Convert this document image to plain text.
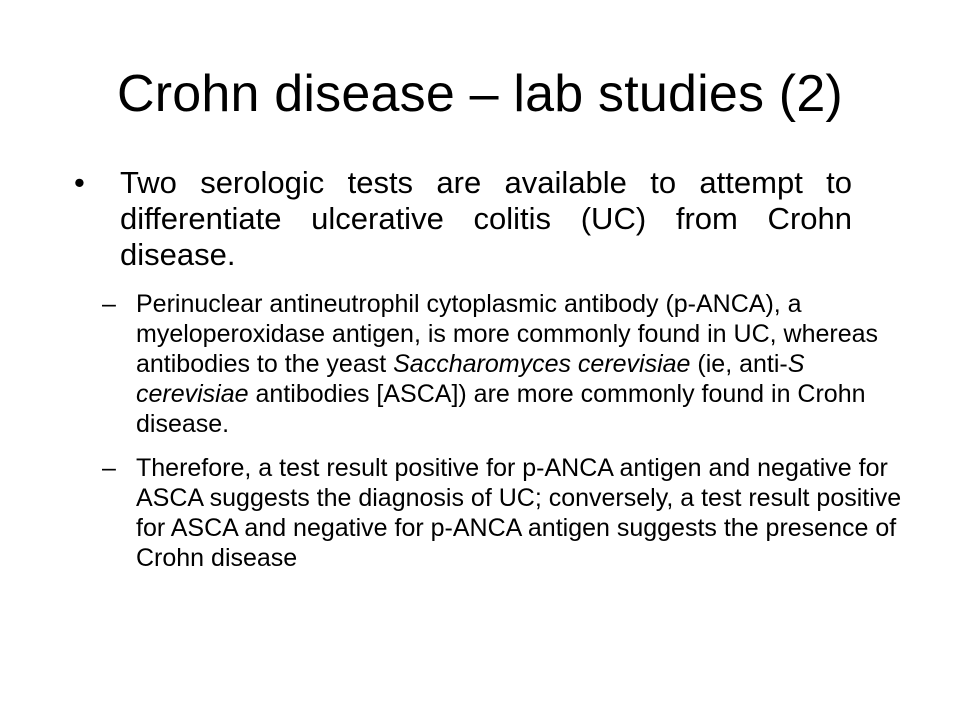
Crohn disease – lab studies (2)
• Two serologic tests are available to attempt to differentiate ulcerative colitis (UC) from Crohn disease.
– Perinuclear antineutrophil cytoplasmic antibody (p-ANCA), a myeloperoxidase antigen, is more commonly found in UC, whereas antibodies to the yeast Saccharomyces cerevisiae (ie, anti-S cerevisiae antibodies [ASCA]) are more commonly found in Crohn disease.
– Therefore, a test result positive for p-ANCA antigen and negative for ASCA suggests the diagnosis of UC; conversely, a test result positive for ASCA and negative for p-ANCA antigen suggests the presence of Crohn disease
